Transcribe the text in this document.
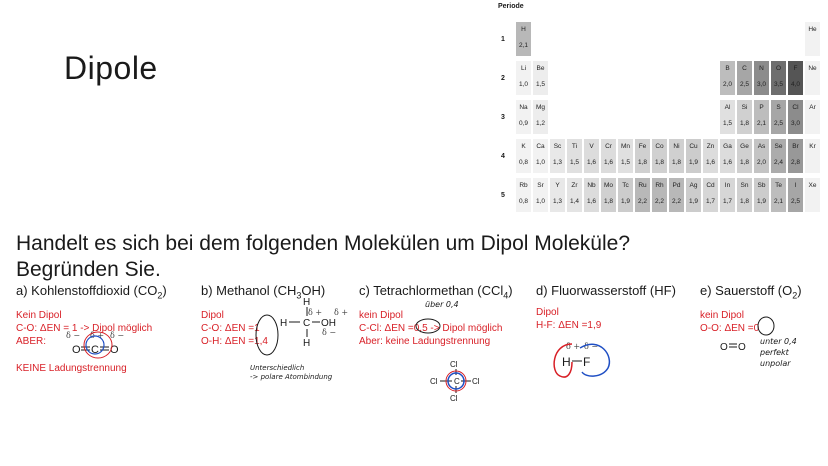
Dipole
Periode
1
2
3
4
5
H
2,1
He
Li
1,0
Be
1,5
B
2,0
C
2,5
N
3,0
O
3,5
F
4,0
Ne
Na
0,9
Mg
1,2
Al
1,5
Si
1,8
P
2,1
S
2,5
Cl
3,0
Ar
K
0,8
Ca
1,0
Sc
1,3
Ti
1,5
V
1,6
Cr
1,6
Mn
1,5
Fe
1,8
Co
1,8
Ni
1,8
Cu
1,9
Zn
1,6
Ga
1,6
Ge
1,8
As
2,0
Se
2,4
Br
2,8
Kr
Rb
0,8
Sr
1,0
Y
1,3
Zr
1,4
Nb
1,6
Mo
1,8
Tc
1,9
Ru
2,2
Rh
2,2
Pd
2,2
Ag
1,9
Cd
1,7
In
1,7
Sn
1,8
Sb
1,9
Te
2,1
I
2,5
Xe
Handelt es sich bei dem folgenden Molekülen um Dipol Moleküle?
Begründen Sie.
a) Kohlenstoffdioxid $(CO_2)$
Kein Dipol
C-O: ΔEN = 1 -> Dipol möglich
ABER:
KEINE Ladungstrennung
δ − δ + δ −
O C O
b) Methanol $(CH_3OH)$
Dipol
C-O: ΔEN =1
O-H: ΔEN =1,4
H
H C OH
H
δ + δ +
δ −
Unterschiedlich
-> polare Atombindung
c) Tetrachlormethan (CCl$_4$)
kein Dipol
C-Cl: ΔEN =0,5 -> Dipol möglich
Aber: keine Ladungstrennung
über 0,4
Cl
Cl C Cl
Cl
d) Fluorwasserstoff (HF)
Dipol
H-F: ΔEN =1,9
δ + δ −
H F
e) Sauerstoff $(O_2)$
kein Dipol
O-O: ΔEN =0
O O
unter 0,4
perfekt
unpolar
